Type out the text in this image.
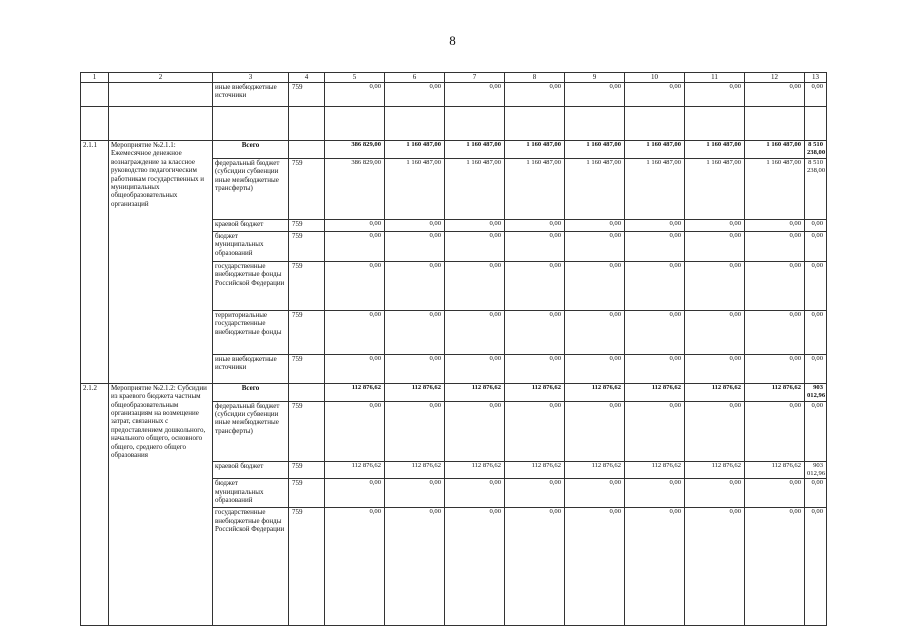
8
1	2	3	4	5	6	7	8	9	10	11	12	13
		иные внебюджетные источники	759	0,00	0,00	0,00	0,00	0,00	0,00	0,00	0,00	0,00

2.1.1	Мероприятие №2.1.1: Ежемесячное денежное вознаграждение за классное руководство педагогическим работникам государственных и муниципальных общеобразовательных организаций	Всего		386 829,00	1 160 487,00	1 160 487,00	1 160 487,00	1 160 487,00	1 160 487,00	1 160 487,00	1 160 487,00	8 510 238,00
		федеральный бюджет (субсидии субвенции иные межбюджетные трансферты)	759	386 829,00	1 160 487,00	1 160 487,00	1 160 487,00	1 160 487,00	1 160 487,00	1 160 487,00	1 160 487,00	8 510 238,00
		краевой бюджет	759	0,00	0,00	0,00	0,00	0,00	0,00	0,00	0,00	0,00
		бюджет муниципальных образований	759	0,00	0,00	0,00	0,00	0,00	0,00	0,00	0,00	0,00
		государственные внебюджетные фонды Российской Федерации	759	0,00	0,00	0,00	0,00	0,00	0,00	0,00	0,00	0,00
		территориальные государственные внебюджетные фонды	759	0,00	0,00	0,00	0,00	0,00	0,00	0,00	0,00	0,00
		иные внебюджетные источники	759	0,00	0,00	0,00	0,00	0,00	0,00	0,00	0,00	0,00
2.1.2	Мероприятие №2.1.2: Субсидии из краевого бюджета частным общеобразовательным организациям на возмещение затрат, связанных с предоставлением дошкольного, начального общего, основного общего, среднего общего образования	Всего		112 876,62	112 876,62	112 876,62	112 876,62	112 876,62	112 876,62	112 876,62	112 876,62	903 012,96
		федеральный бюджет (субсидии субвенции иные межбюджетные трансферты)	759	0,00	0,00	0,00	0,00	0,00	0,00	0,00	0,00	0,00
		краевой бюджет	759	112 876,62	112 876,62	112 876,62	112 876,62	112 876,62	112 876,62	112 876,62	112 876,62	903 012,96
		бюджет муниципальных образований	759	0,00	0,00	0,00	0,00	0,00	0,00	0,00	0,00	0,00
		государственные внебюджетные фонды Российской Федерации	759	0,00	0,00	0,00	0,00	0,00	0,00	0,00	0,00	0,00
